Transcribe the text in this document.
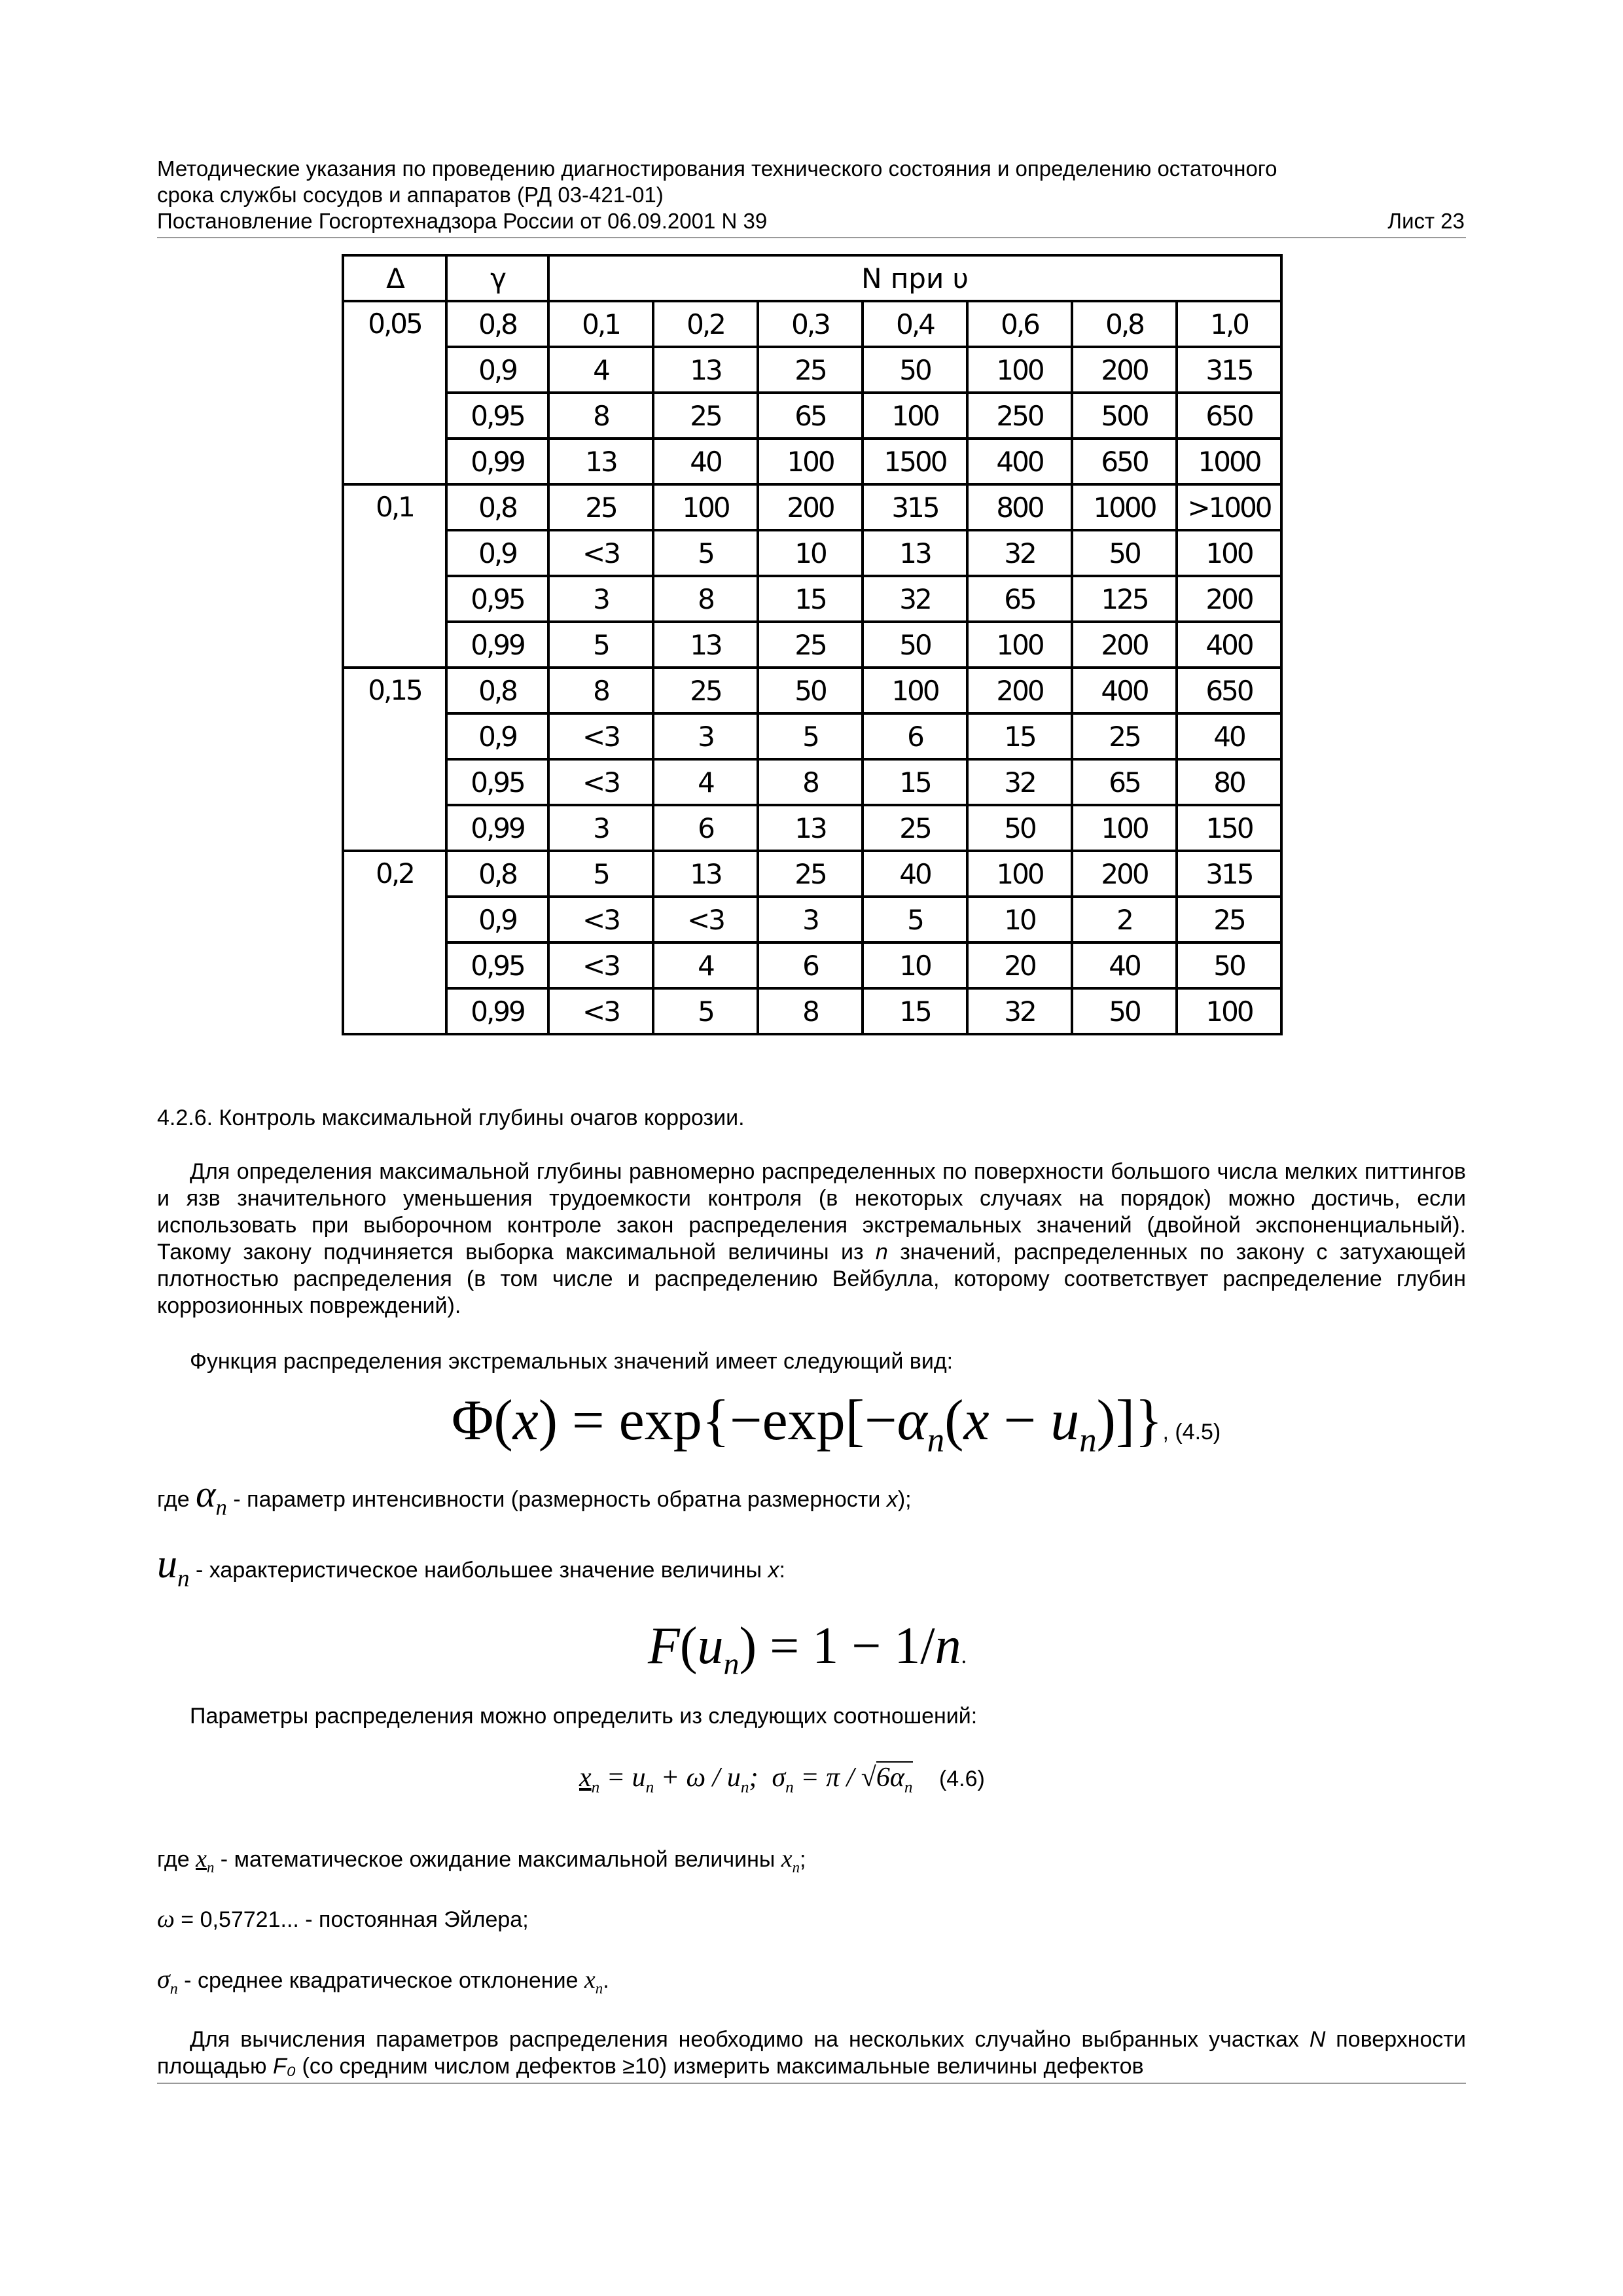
Методические указания по проведению диагностирования технического состояния и определению остаточного
срока службы сосудов и аппаратов (РД 03-421-01)
Постановление Госгортехнадзора России от 06.09.2001 N 39	Лист 23
Δ	γ	N при υ						
0,05	0,8	0,1	0,2	0,3	0,4	0,6	0,8	1,0
	0,9	4	13	25	50	100	200	315
	0,95	8	25	65	100	250	500	650
	0,99	13	40	100	1500	400	650	1000
0,1	0,8	25	100	200	315	800	1000	>1000
	0,9	<3	5	10	13	32	50	100
	0,95	3	8	15	32	65	125	200
	0,99	5	13	25	50	100	200	400
0,15	0,8	8	25	50	100	200	400	650
	0,9	<3	3	5	6	15	25	40
	0,95	<3	4	8	15	32	65	80
	0,99	3	6	13	25	50	100	150
0,2	0,8	5	13	25	40	100	200	315
	0,9	<3	<3	3	5	10	2	25
	0,95	<3	4	6	10	20	40	50
	0,99	<3	5	8	15	32	50	100
4.2.6. Контроль максимальной глубины очагов коррозии.
Для определения максимальной глубины равномерно распределенных по поверхности большого числа мелких питтингов и язв значительного уменьшения трудоемкости контроля (в некоторых случаях на порядок) можно достичь, если использовать при выборочном контроле закон распределения экстремальных значений (двойной экспоненциальный). Такому закону подчиняется выборка максимальной величины из n значений, распределенных по закону с затухающей плотностью распределения (в том числе и распределению Вейбулла, которому соответствует распределение глубин коррозионных повреждений).
Функция распределения экстремальных значений имеет следующий вид:
$\Phi(x) = \exp\{-\exp[-\alpha_n(x - u_n)]\}$, (4.5)
где $\alpha_n$ - параметр интенсивности (размерность обратна размерности x);
$u_n$ - характеристическое наибольшее значение величины x:
$F(u_n) = 1 - 1/n$.
Параметры распределения можно определить из следующих соотношений:
$x_n = u_n + \omega / u_n$;  $\sigma_n = \pi / √6\alpha_n$ (4.6)
где $x_n$ - математическое ожидание максимальной величины $x_n$;
ω = 0,57721... - постоянная Эйлера;
$\sigma_n$ - среднее квадратическое отклонение $x_n$.
Для вычисления параметров распределения необходимо на нескольких случайно выбранных участках N поверхности площадью F₀ (со средним числом дефектов ≥10) измерить максимальные величины дефектов
